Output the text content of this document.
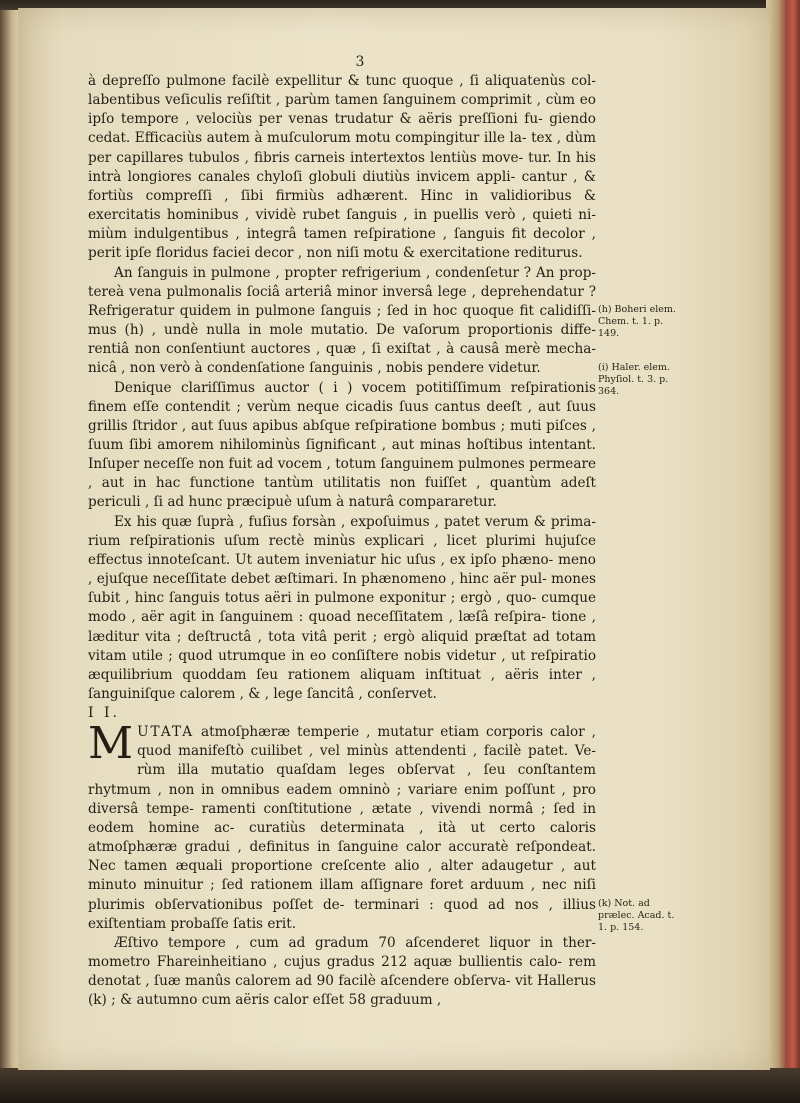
3

à depreſſo pulmone facilè expellitur & tunc quoque , ſi aliquatenùs col- labentibus veſiculis reſiſtit , parùm tamen ſanguinem comprimit , cùm eo ipſo tempore , velociùs per venas trudatur & aëris preſſioni fu- giendo cedat. Efficaciùs autem à muſculorum motu compingitur ille la- tex , dùm per capillares tubulos , fibris carneis intertextos lentiùs move- tur. In his intrà longiores canales chyloſi globuli diutiùs invicem appli- cantur , & fortiùs compreſſi , ſibi firmiùs adhærent. Hinc in validioribus & exercitatis hominibus , vividè rubet ſanguis , in puellis verò , quieti ni- miùm indulgentibus , integrâ tamen reſpiratione , ſanguis fit decolor , perit ipſe floridus faciei decor , non niſi motu & exercitatione rediturus.

An ſanguis in pulmone , propter refrigerium , condenſetur ? An prop- tereà vena pulmonalis ſociâ arteriâ minor inversâ lege , deprehendatur ? Refrigeratur quidem in pulmone ſanguis ; ſed in hoc quoque fit calidiſſi- mus (h) , undè nulla in mole mutatio. De vaſorum proportionis diffe- rentiâ non conſentiunt auctores , quæ , ſi exiſtat , à causâ merè mecha- nicâ , non verò à condenſatione ſanguinis , nobis pendere videtur.

Denique clariſſimus auctor ( i ) vocem potitiſſimum reſpirationis finem eſſe contendit ; verùm neque cicadis ſuus cantus deeſt , aut ſuus grillis ſtridor , aut ſuus apibus abſque reſpiratione bombus ; muti piſces , ſuum ſibi amorem nihilominùs ſignificant , aut minas hoſtibus intentant. Inſuper neceſſe non fuit ad vocem , totum ſanguinem pulmones permeare , aut in hac functione tantùm utilitatis non fuiſſet , quantùm adeſt periculi , ſi ad hunc præcipuè uſum à naturâ compararetur.

Ex his quæ ſuprà , fuſius forsàn , expoſuimus , patet verum & prima- rium reſpirationis uſum rectè minùs explicari , licet plurimi hujuſce effectus innoteſcant. Ut autem inveniatur hic uſus , ex ipſo phæno- meno , ejuſque neceſſitate debet æſtimari. In phænomeno , hinc aër pul- mones ſubit , hinc ſanguis totus aëri in pulmone exponitur ; ergò , quo- cumque modo , aër agit in ſanguinem : quoad neceſſitatem , læſâ reſpira- tione , læditur vita ; deſtructâ , tota vitâ perit ; ergò aliquid præſtat ad totam vitam utile ; quod utrumque in eo conſiſtere nobis videtur , ut reſpiratio æquilibrium quoddam ſeu rationem aliquam inſtituat , aëris inter , ſanguiniſque calorem , & , lege ſancitâ , conſervet.

I I.

M UTATA atmoſphæræ temperie , mutatur etiam corporis calor , quod manifeſtò cuilibet , vel minùs attendenti , facilè patet. Ve- rùm illa mutatio quaſdam leges obſervat , ſeu conſtantem rhytmum , non in omnibus eadem omninò ; variare enim poſſunt , pro diversâ tempe- ramenti conſtitutione , ætate , vivendi normâ ; ſed in eodem homine ac- curatiùs determinata , ità ut certo caloris atmoſphæræ gradui , definitus in ſanguine calor accuratè reſpondeat. Nec tamen æquali proportione creſcente alio , alter adaugetur , aut minuto minuitur ; ſed rationem illam aſſignare foret arduum , nec niſi plurimis obſervationibus poſſet de- terminari : quod ad nos , illius exiſtentiam probaſſe ſatis erit.

Æſtivo tempore , cum ad gradum 70 aſcenderet liquor in ther- mometro Fhareinheitiano , cujus gradus 212 aquæ bullientis calo- rem denotat , ſuæ manûs calorem ad 90 facilè aſcendere obſerva- vit Hallerus (k) ; & autumno cum aëris calor eſſet 58 graduum ,

(h) Boheri elem. Chem. t. 1. p. 149.
(i) Haler. elem. Phyſiol. t. 3. p. 364.
(k) Not. ad prælec. Acad. t. 1. p. 154.
